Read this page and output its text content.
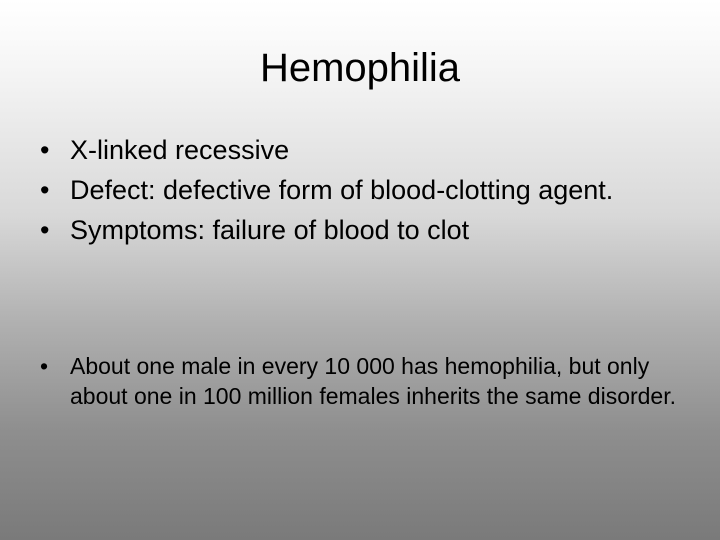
Hemophilia
• X-linked recessive
• Defect: defective form of blood-clotting agent.
• Symptoms: failure of blood to clot
• About one male in every 10 000 has hemophilia, but only about one in 100 million females inherits the same disorder.
